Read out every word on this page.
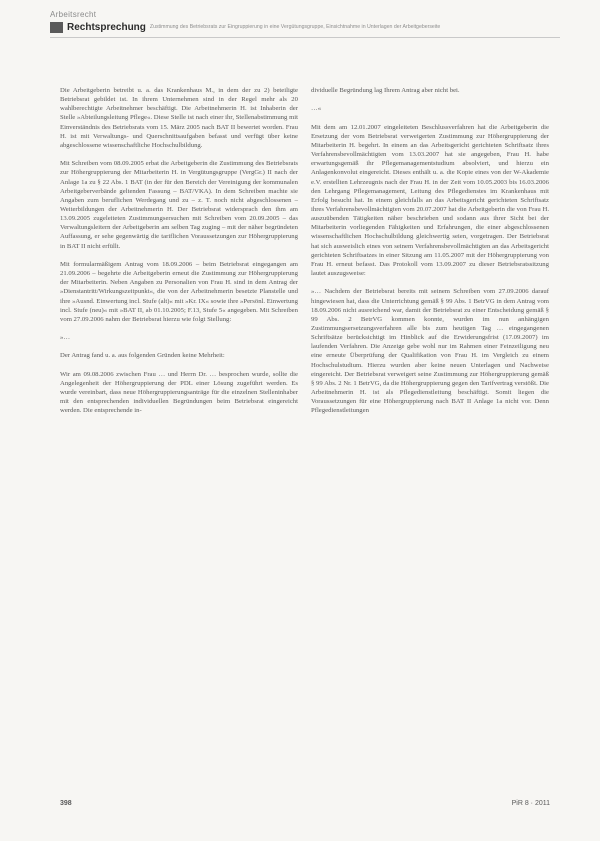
Arbeitsrecht
Rechtsprechung Zustimmung des Betriebsrats zur Eingruppierung in eine Vergütungsgruppe, Einsichtnahme in Unterlagen der Arbeitgeberseite

Die Arbeitgeberin betreibt u. a. das Krankenhaus M., in dem der zu 2) beteiligte Betriebsrat gebildet ist. In ihrem Unternehmen sind in der Regel mehr als 20 wahlberechtigte Arbeitnehmer beschäftigt. Die Arbeitnehmerin H. ist Inhaberin der Stelle »Abteilungsleitung Pflege«. Diese Stelle ist nach einer ihr, Stellenabstimmung mit Einverständnis des Betriebsrats vom 15. März 2005 nach BAT II bewertet worden. Frau H. ist mit Verwaltungs- und Querschnittsaufgaben befasst und verfügt über keine abgeschlossene wissenschaftliche Hochschulbildung.

Mit Schreiben vom 08.09.2005 erbat die Arbeitgeberin die Zustimmung des Betriebsrats zur Höhergruppierung der Mitarbeiterin H. in Vergütungsgruppe (VergGr.) II nach der Anlage 1a zu § 22 Abs. 1 BAT (in der für den Bereich der Vereinigung der kommunalen Arbeitgeberverbände geltenden Fassung – BAT/VKA). In dem Schreiben machte sie Angaben zum beruflichen Werdegang und zu – z. T. noch nicht abgeschlossenen – Weiterbildungen der Arbeitnehmerin H. Der Betriebsrat widersprach den ihm am 13.09.2005 zugeleiteten Zustimmungsersuchen mit Schreiben vom 20.09.2005 – das Verwaltungsleitern der Arbeitgeberin am selben Tag zuging – mit der näher begründeten Auffassung, er sehe gegenwärtig die tariflichen Voraussetzungen zur Höhergruppierung in BAT II nicht erfüllt.

Mit formularmäßigem Antrag vom 18.09.2006 – beim Betriebsrat eingegangen am 21.09.2006 – begehrte die Arbeitgeberin erneut die Zustimmung zur Höhergruppierung der Mitarbeiterin. Neben Angaben zu Personalien von Frau H. sind in dem Antrag der »Dienstantritt/Wirkungszeitpunkt«, die von der Arbeitnehmerin besetzte Planstelle und ihre »Ausnd. Einwertung incl. Stufe (alt)« mit »Kr. IX« sowie ihre »Persönl. Einwertung incl. Stufe (neu)« mit »BAT II, ab 01.10.2005; F.13, Stufe 5« angegeben. Mit Schreiben vom 27.09.2006 nahm der Betriebsrat hierzu wie folgt Stellung:

»…

Der Antrag fand u. a. aus folgenden Gründen keine Mehrheit:

Wir am 09.08.2006 zwischen Frau … und Herrn Dr. … besprochen wurde, sollte die Angelegenheit der Höhergruppierung der PDL einer Lösung zugeführt werden. Es wurde vereinbart, dass neue Höhergruppierungsanträge für die einzelnen Stelleninhaber mit den entsprechenden individuellen Begründungen beim Betriebsrat eingereicht werden. Die entsprechende in-

dividuelle Begründung lag Ihrem Antrag aber nicht bei.

…«

Mit dem am 12.01.2007 eingeleiteten Beschlussverfahren hat die Arbeitgeberin die Ersetzung der vom Betriebsrat verweigerten Zustimmung zur Höhergruppierung der Mitarbeiterin H. begehrt. In einem an das Arbeitsgericht gerichteten Schriftsatz ihres Verfahrensbevollmächtigten vom 13.03.2007 hat sie angegeben, Frau H. habe erwartungsgemäß ihr Pflegemanagementstudium absolviert, und hierzu ein Anlagenkonvolut eingereicht. Dieses enthält u. a. die Kopie eines von der W-Akademie e.V. erstellten Lehrzeugnis nach der Frau H. in der Zeit vom 10.05.2003 bis 16.03.2006 den Lehrgang Pflegemanagement, Leitung des Pflegedienstes im Krankenhaus mit Erfolg besucht hat. In einem gleichfalls an das Arbeitsgericht gerichteten Schriftsatz ihres Verfahrensbevollmächtigten vom 20.07.2007 hat die Arbeitgeberin die von Frau H. auszuübenden Tätigkeiten näher beschrieben und sodann aus ihrer Sicht bei der Mitarbeiterin vorliegenden Fähigkeiten und Erfahrungen, die einer abgeschlossenen wissenschaftlichen Hochschulbildung gleichwertig seien, vorgetragen. Der Betriebsrat hat sich ausweislich eines von seinem Verfahrensbevollmächtigten an das Arbeitsgericht gerichteten Schriftsatzes in einer Sitzung am 11.05.2007 mit der Höhergruppierung von Frau H. erneut befasst. Das Protokoll vom 13.09.2007 zu dieser Betriebsratssitzung lautet auszugsweise:

»… Nachdem der Betriebsrat bereits mit seinem Schreiben vom 27.09.2006 darauf hingewiesen hat, dass die Unterrichtung gemäß § 99 Abs. 1 BetrVG in dem Antrag vom 18.09.2006 nicht ausreichend war, damit der Betriebsrat zu einer Entscheidung gemäß § 99 Abs. 2 BetrVG kommen konnte, wurden im nun anhängigen Zustimmungsersetzungsverfahren alle bis zum heutigen Tag … eingegangenen Schriftsätze berücksichtigt im Hinblick auf die Erwiderungsfrist (17.09.2007) im laufenden Verfahren. Die Anzeige gebe wohl nur im Rahmen einer Feinzeiligung neu eine erneute Überprüfung der Qualifikation von Frau H. im Vergleich zu einem Hochschulstudium. Hierzu wurden aber keine neuen Unterlagen und Nachweise eingereicht. Der Betriebsrat verweigert seine Zustimmung zur Höhergruppierung gemäß § 99 Abs. 2 Nr. 1 BetrVG, da die Höhergruppierung gegen den Tarifvertrag verstößt. Die Arbeitnehmerin H. ist als Pflegedienstleitung beschäftigt. Somit liegen die Voraussetzungen für eine Höhergruppierung nach BAT II Anlage 1a nicht vor. Denn Pflegedienstleitungen

398	PiR 8 · 2011
